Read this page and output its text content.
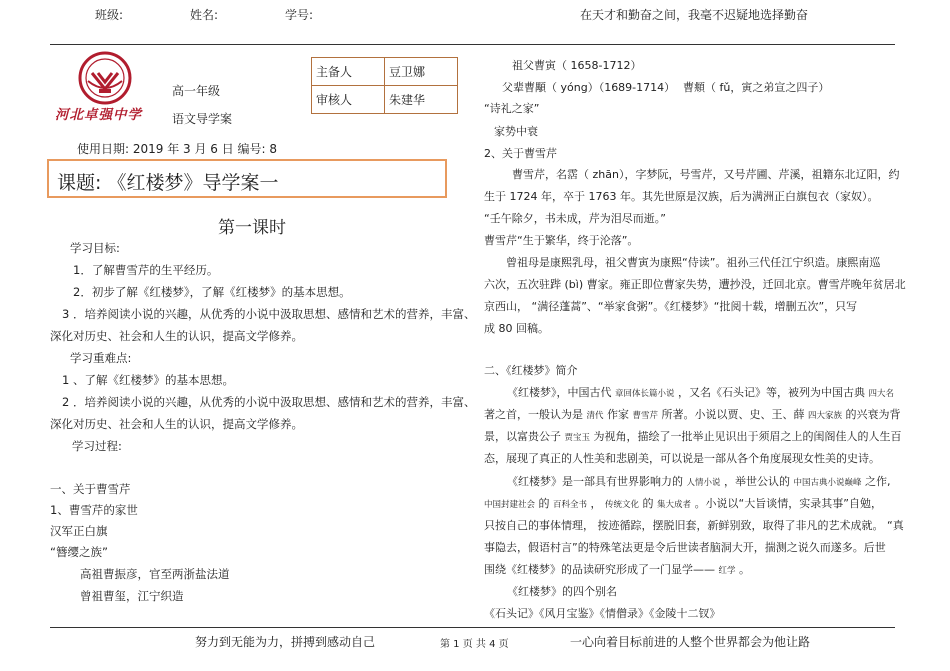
班级:	姓名:	学号:	在天才和勤奋之间，我毫不迟疑地选择勤奋
河北卓强中学
高一年级
语文导学案
主备人	豆卫娜
审核人	朱建华
使用日期: 2019 年 3 月 6 日 编号: 8
课题: 《红楼梦》导学案一
第一课时
学习目标:
1．了解曹雪芹的生平经历。
2．初步了解《红楼梦》，了解《红楼梦》的基本思想。
3 ．培养阅读小说的兴趣，从优秀的小说中汲取思想、感情和艺术的营养，丰富、
深化对历史、社会和人生的认识，提高文学修养。
学习重难点:
1 、了解《红楼梦》的基本思想。
2 ．培养阅读小说的兴趣，从优秀的小说中汲取思想、感情和艺术的营养，丰富、
深化对历史、社会和人生的认识，提高文学修养。
学习过程:
一、关于曹雪芹
1、曹雪芹的家世
汉军正白旗
“簪缨之族”
高祖曹振彦，官至两浙盐法道
曾祖曹玺，江宁织造
祖父曹寅（ 1658-1712）
父辈曹顒（ yóng）（1689-1714） 曹頫（ fǔ，寅之弟宣之四子）
“诗礼之家”
家势中衰
2、关于曹雪芹
曹雪芹，名霑（ zhān），字梦阮，号雪芹，又号芹圃、芹溪，祖籍东北辽阳，约
生于 1724 年，卒于 1763 年。其先世原是汉族，后为满洲正白旗包衣（家奴）。
“壬午除夕，书未成，芹为泪尽而逝。”
曹雪芹“生于繁华，终于沦落”。
曾祖母是康熙乳母，祖父曹寅为康熙“侍读”。祖孙三代任江宁织造。康熙南巡
六次，五次驻跸 (bì) 曹家。雍正即位曹家失势，遭抄没，迁回北京。曹雪芹晚年贫居北
京西山， “满径蓬蒿”、“举家食粥”。《红楼梦》“批阅十载，增删五次”，只写
成 80 回稿。
二、《红楼梦》简介
《红楼梦》，中国古代 章回体长篇小说 ，又名《石头记》等，被列为中国古典 四大名
著之首，一般认为是 清代 作家 曹雪芹 所著。小说以贾、史、王、薛 四大家族 的兴衰为背
景，以富贵公子 贾宝玉 为视角，描绘了一批举止见识出于须眉之上的闺阁佳人的人生百
态，展现了真正的人性美和悲剧美，可以说是一部从各个角度展现女性美的史诗。
《红楼梦》是一部具有世界影响力的 人情小说 ，举世公认的 中国古典小说巅峰 之作,
中国封建社会 的 百科全书 ， 传统文化 的 集大成者 。小说以“大旨谈情，实录其事”自勉，
只按自己的事体情理， 按迹循踪，摆脱旧套，新鲜别致，取得了非凡的艺术成就。 “真
事隐去，假语村言”的特殊笔法更是令后世读者脑洞大开，揣测之说久而遂多。后世
围绕《红楼梦》的品读研究形成了一门显学—— 红学 。
《红楼梦》的四个别名
《石头记》《风月宝鉴》《情僧录》《金陵十二钗》
努力到无能为力，拼搏到感动自己	第 1 页 共 4 页	一心向着目标前进的人整个世界都会为他让路
